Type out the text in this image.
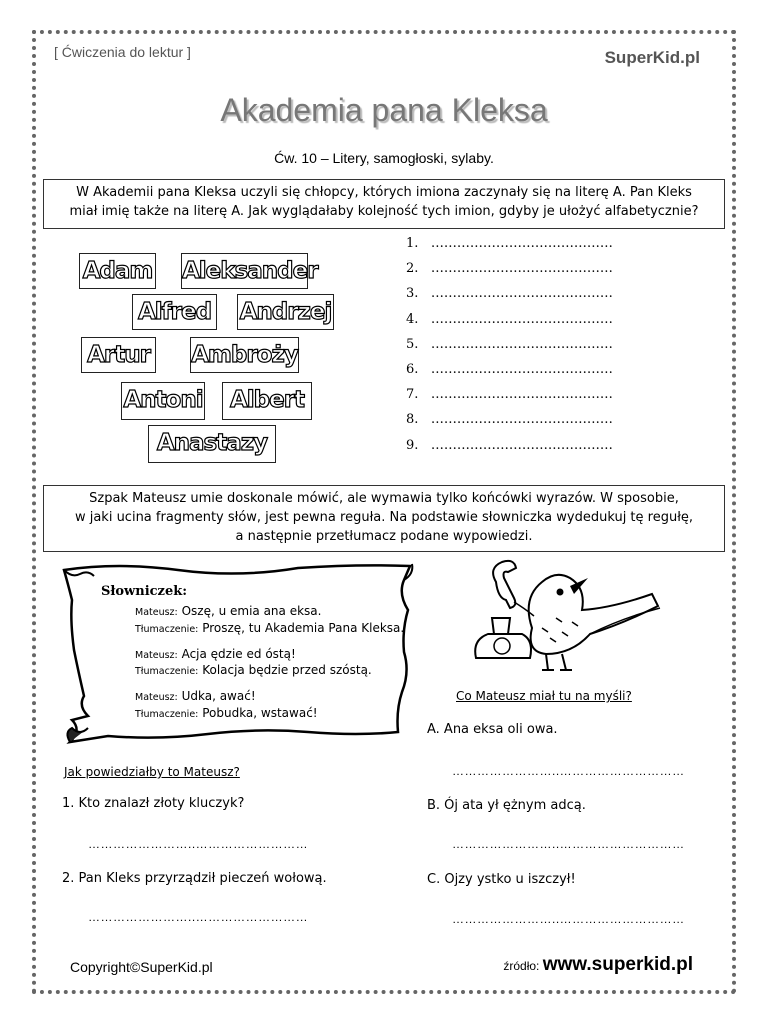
[ Ćwiczenia do lektur ]	SuperKid.pl
Akademia pana Kleksa
Ćw. 10 – Litery, samogłoski, sylaby.
W Akademii pana Kleksa uczyli się chłopcy, których imiona zaczynały się na literę A. Pan Kleks
miał imię także na literę A. Jak wyglądałaby kolejność tych imion, gdyby je ułożyć alfabetycznie?
Adam Aleksander
Alfred Andrzej
Artur Ambroży
Antoni	Albert
Anastazy
1. ……………………………………
2. ……………………………………
3. ……………………………………
4. ……………………………………
5. ……………………………………
6. ……………………………………
7. ……………………………………
8. ……………………………………
9. ……………………………………
Szpak Mateusz umie doskonale mówić, ale wymawia tylko końcówki wyrazów. W sposobie,
w jaki ucina fragmenty słów, jest pewna reguła. Na podstawie słowniczka wydedukuj tę regułę,
a następnie przetłumacz podane wypowiedzi.
Słowniczek:
Mateusz: Oszę, u emia ana eksa.
Tłumaczenie: Proszę, tu Akademia Pana Kleksa.
Mateusz: Acja ędzie ed óstą!
Tłumaczenie: Kolacja będzie przed szóstą.
Mateusz: Udka, awać!
Tłumaczenie: Pobudka, wstawać!
Co Mateusz miał tu na myśli?
A. Ana eksa oli owa.
……………………..…………………………
B. Ój ata ył ężnym adcą.
……………………..…………………………
C. Ojzy ystko u iszczył!
……………………..…………………………
Jak powiedziałby to Mateusz?
1. Kto znalazł złoty kluczyk?
……………………..………………………
2. Pan Kleks przyrządził pieczeń wołową.
……………………..………………………
Copyright©SuperKid.pl	źródło: www.superkid.pl
